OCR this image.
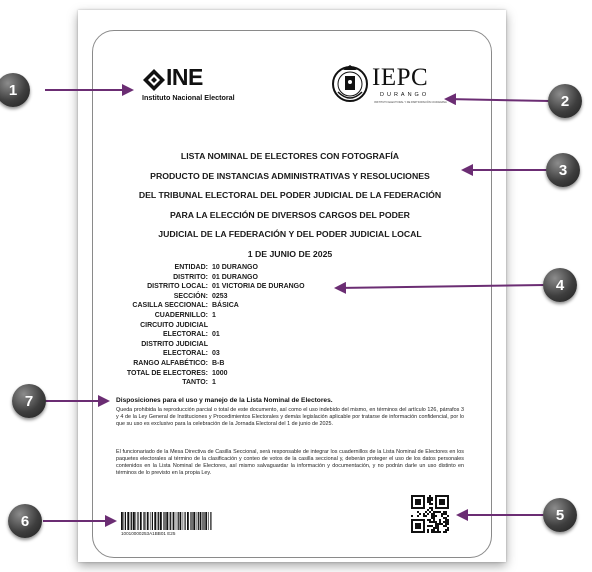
INE
Instituto Nacional Electoral
IEPC
DURANGO
INSTITUTO ELECTORAL Y DE PARTICIPACIÓN CIUDADANA
LISTA NOMINAL DE ELECTORES CON FOTOGRAFÍA
PRODUCTO DE INSTANCIAS ADMINISTRATIVAS Y RESOLUCIONES
DEL TRIBUNAL ELECTORAL DEL PODER JUDICIAL DE LA FEDERACIÓN
PARA LA ELECCIÓN DE DIVERSOS CARGOS DEL PODER
JUDICIAL DE LA FEDERACIÓN Y DEL PODER JUDICIAL LOCAL
1 DE JUNIO DE 2025
ENTIDAD: 10 DURANGO
DISTRITO: 01 DURANGO
DISTRITO LOCAL: 01 VICTORIA DE DURANGO
SECCIÓN: 0253
CASILLA SECCIONAL: BÁSICA
CUADERNILLO: 1
CIRCUITO JUDICIAL
ELECTORAL: 01
DISTRITO JUDICIAL
ELECTORAL: 03
RANGO ALFABÉTICO: B-B
TOTAL DE ELECTORES: 1000
TANTO: 1
Disposiciones para el uso y manejo de la Lista Nominal de Electores.
Queda prohibida la reproducción parcial o total de este documento, así como el uso indebido del mismo, en términos del artículo 126, párrafos 3 y 4 de la Ley General de Instituciones y Procedimientos Electorales y demás legislación aplicable por tratarse de información confidencial, por lo que su uso es exclusivo para la celebración de la Jornada Electoral del 1 de junio de 2025.
El funcionariado de la Mesa Directiva de Casilla Seccional, será responsable de integrar los cuadernillos de la Lista Nominal de Electores en los paquetes electorales al término de la clasificación y conteo de votos de la casilla seccional y, deberán proteger el uso de los datos personales contenidos en la Lista Nominal de Electores, así mismo salvaguardar la información y documentación, y no podrán darle un uso distinto en términos de lo previsto en la propia Ley.
10010000253A1BB01 E25
1
2
3
4
5
6
7
